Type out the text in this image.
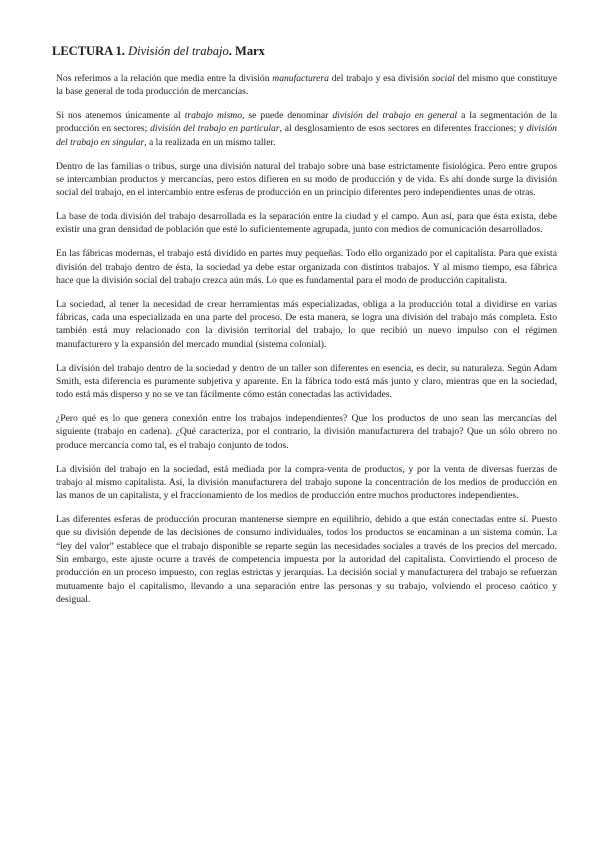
LECTURA 1. División del trabajo. Marx

Nos referimos a la relación que media entre la división manufacturera del trabajo y esa división social del mismo que constituye la base general de toda producción de mercancías.

Si nos atenemos únicamente al trabajo mismo, se puede denominar división del trabajo en general a la segmentación de la producción en sectores; división del trabajo en particular, al desglosamiento de esos sectores en diferentes fracciones; y división del trabajo en singular, a la realizada en un mismo taller.

Dentro de las familias o tribus, surge una división natural del trabajo sobre una base estrictamente fisiológica. Pero entre grupos se intercambian productos y mercancías, pero estos difieren en su modo de producción y de vida. Es ahí donde surge la división social del trabajo, en el intercambio entre esferas de producción en un principio diferentes pero independientes unas de otras.

La base de toda división del trabajo desarrollada es la separación entre la ciudad y el campo. Aun así, para que ésta exista, debe existir una gran densidad de población que esté lo suficientemente agrupada, junto con medios de comunicación desarrollados.

En las fábricas modernas, el trabajo está dividido en partes muy pequeñas. Todo ello organizado por el capitalista. Para que exista división del trabajo dentro de ésta, la sociedad ya debe estar organizada con distintos trabajos. Y al mismo tiempo, esa fábrica hace que la división social del trabajo crezca aún más. Lo que es fundamental para el modo de producción capitalista.

La sociedad, al tener la necesidad de crear herramientas más especializadas, obliga a la producción total a dividirse en varias fábricas, cada una especializada en una parte del proceso. De esta manera, se logra una división del trabajo más completa. Esto también está muy relacionado con la división territorial del trabajo, lo que recibió un nuevo impulso con el régimen manufacturero y la expansión del mercado mundial (sistema colonial).

La división del trabajo dentro de la sociedad y dentro de un taller son diferentes en esencia, es decir, su naturaleza. Según Adam Smith, esta diferencia es puramente subjetiva y aparente. En la fábrica todo está más junto y claro, mientras que en la sociedad, todo está más disperso y no se ve tan fácilmente cómo están conectadas las actividades.

¿Pero qué es lo que genera conexión entre los trabajos independientes? Que los productos de uno sean las mercancías del siguiente (trabajo en cadena). ¿Qué caracteriza, por el contrario, la división manufacturera del trabajo? Que un sólo obrero no produce mercancía como tal, es el trabajo conjunto de todos.

La división del trabajo en la sociedad, está mediada por la compra-venta de productos, y por la venta de diversas fuerzas de trabajo al mismo capitalista. Así, la división manufacturera del trabajo supone la concentración de los medios de producción en las manos de un capitalista, y el fraccionamiento de los medios de producción entre muchos productores independientes.

Las diferentes esferas de producción procuran mantenerse siempre en equilibrio, debido a que están conectadas entre sí. Puesto que su división depende de las decisiones de consumo individuales, todos los productos se encaminan a un sistema común. La “ley del valor” establece que el trabajo disponible se reparte según las necesidades sociales a través de los precios del mercado. Sin embargo, este ajuste ocurre a través de competencia impuesta por la autoridad del capitalista. Convirtiendo el proceso de producción en un proceso impuesto, con reglas estrictas y jerarquías. La decisión social y manufacturera del trabajo se refuerzan mutuamente bajo el capitalismo, llevando a una separación entre las personas y su trabajo, volviendo el proceso caótico y desigual.
